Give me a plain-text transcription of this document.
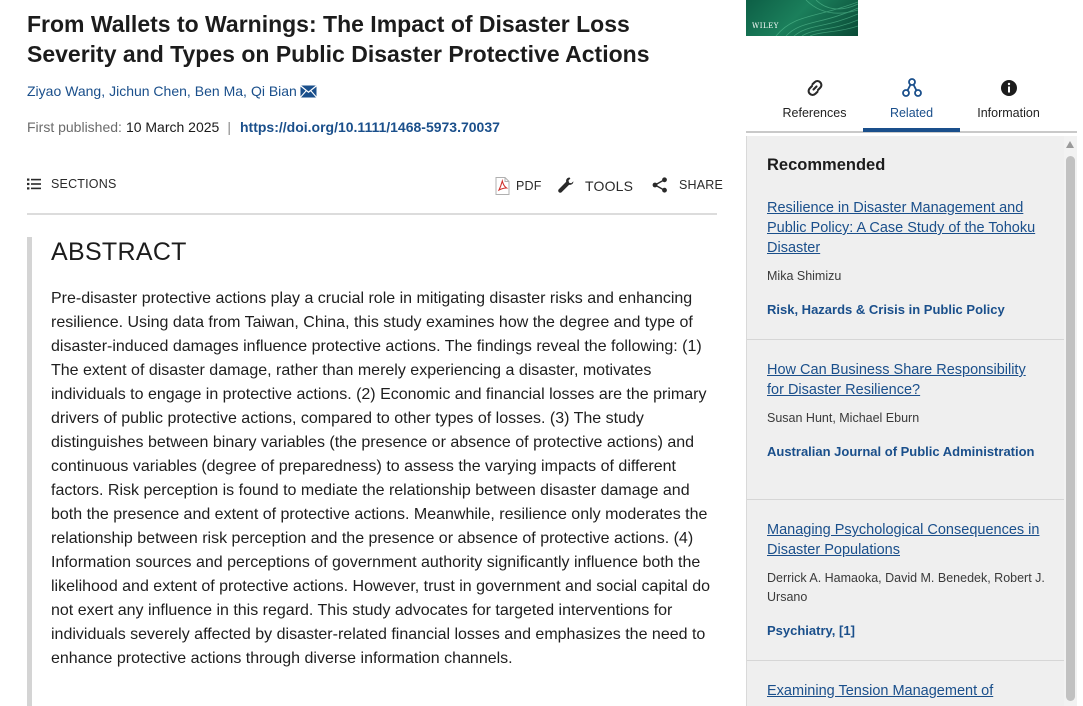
From Wallets to Warnings: The Impact of Disaster Loss Severity and Types on Public Disaster Protective Actions
Ziyao Wang , Jichun Chen , Ben Ma , Qi Bian
First published: 10 March 2025 | https://doi.org/10.1111/1468-5973.70037
SECTIONS	PDF	TOOLS	SHARE
ABSTRACT

Pre-disaster protective actions play a crucial role in mitigating disaster risks and enhancing resilience. Using data from Taiwan, China, this study examines how the degree and type of disaster-induced damages influence protective actions. The findings reveal the following: (1) The extent of disaster damage, rather than merely experiencing a disaster, motivates individuals to engage in protective actions. (2) Economic and financial losses are the primary drivers of public protective actions, compared to other types of losses. (3) The study distinguishes between binary variables (the presence or absence of protective actions) and continuous variables (degree of preparedness) to assess the varying impacts of different factors. Risk perception is found to mediate the relationship between disaster damage and both the presence and extent of protective actions. Meanwhile, resilience only moderates the relationship between risk perception and the presence or absence of protective actions. (4) Information sources and perceptions of government authority significantly influence both the likelihood and extent of protective actions. However, trust in government and social capital do not exert any influence in this regard. This study advocates for targeted interventions for individuals severely affected by disaster-related financial losses and emphasizes the need to enhance protective actions through diverse information channels.

WILEY
References	Related	Information
Recommended
Resilience in Disaster Management and Public Policy: A Case Study of the Tohoku Disaster
Mika Shimizu
Risk, Hazards & Crisis in Public Policy
How Can Business Share Responsibility for Disaster Resilience?
Susan Hunt, Michael Eburn
Australian Journal of Public Administration
Managing Psychological Consequences in Disaster Populations
Derrick A. Hamaoka, David M. Benedek, Robert J. Ursano
Psychiatry, [1]
Examining Tension Management of
